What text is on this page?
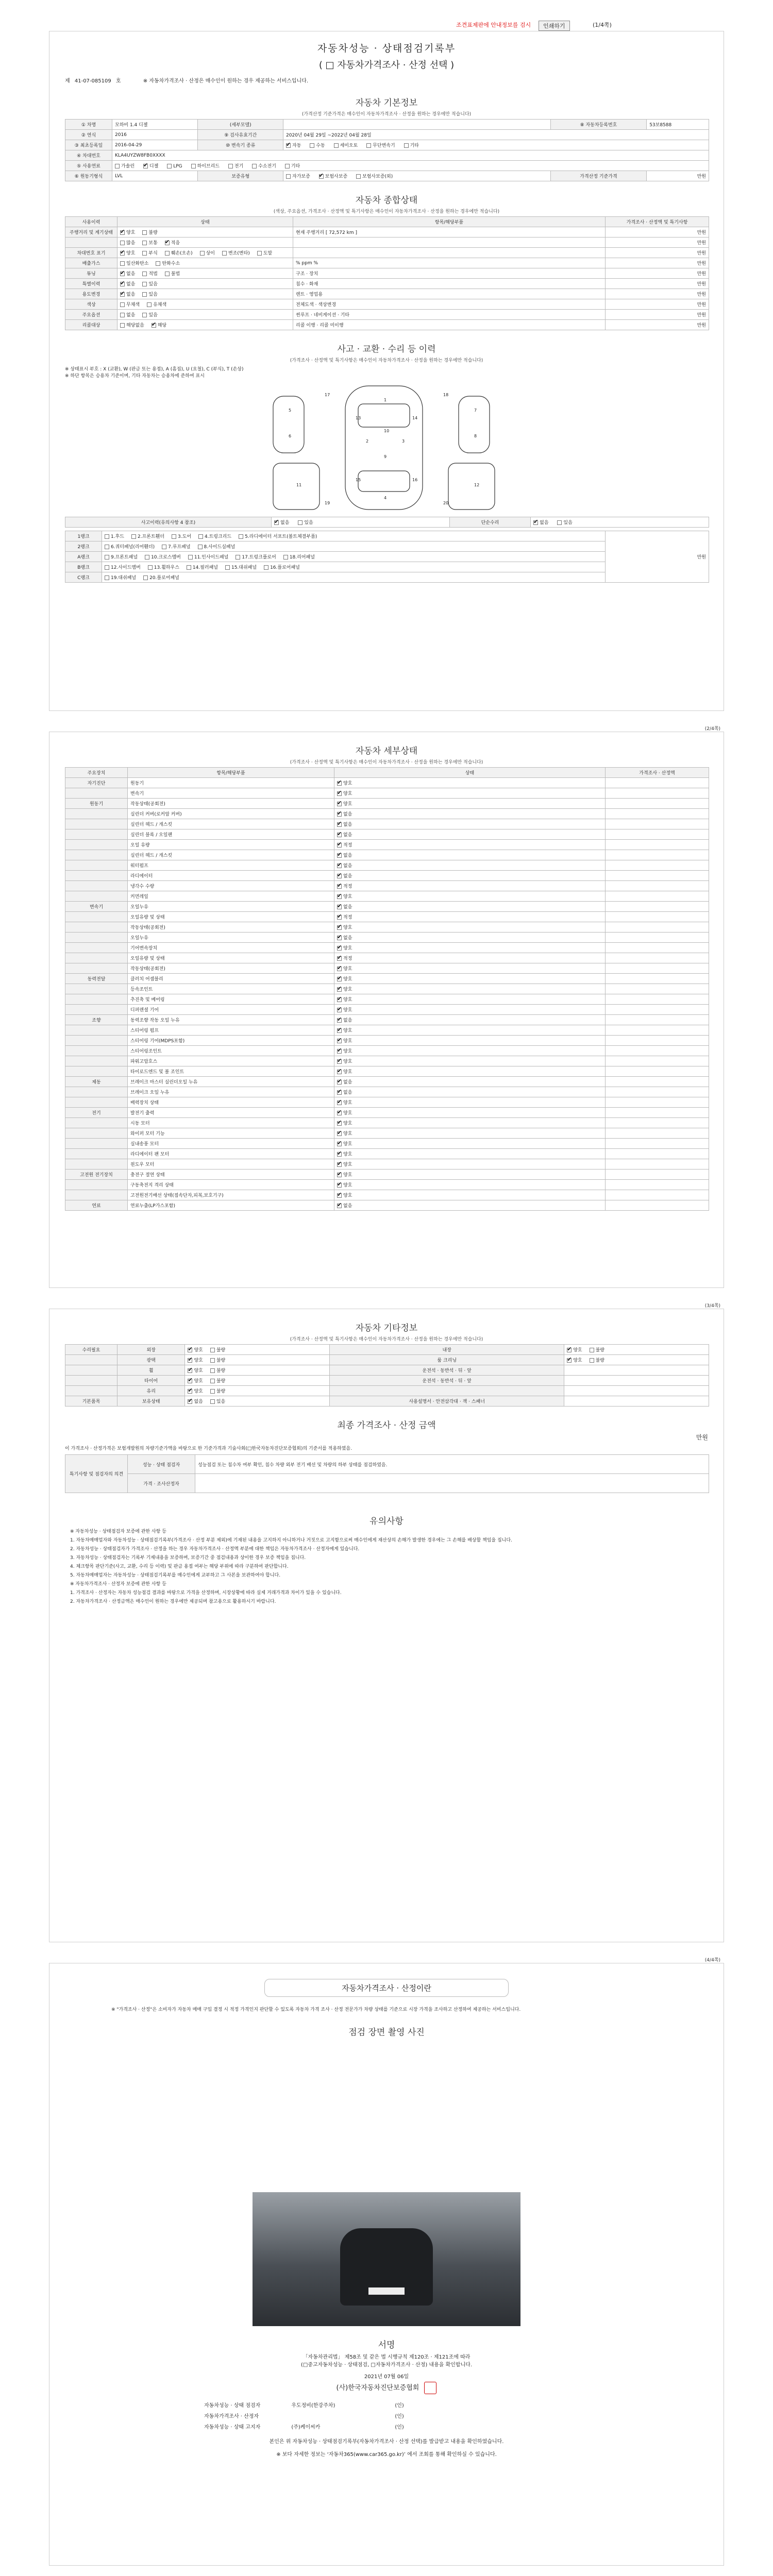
조견표제판에 안내정보를 검시	인쇄하기	(1/4쪽)
자동차성능 · 상태점검기록부
( □ 자동차가격조사 · 산정 선택 )
제 41-07-085109 호	※ 자동차가격조사 · 산정은 매수인이 원하는 경우 제공하는 서비스입니다.
자동차 기본정보
(가격산정 기준가격은 매수인이 자동차가격조사 · 산정을 원하는 경우에만 적습니다)
① 차명	모하비 1.4 디젤	(세부모델)		⑧ 자동차등록번호	53보8588
② 연식	2016	⑨ 검사유효기간	2020년 04월 29일 ~2022년 04월 28일		
③ 최초등록일	2016-04-29	⑩ 변속기 종류	✔자동 수동 세미오토 무단변속기 기타
④ 차대번호	KLA4UYZW8FB0XXXX				
⑤ 사용연료	가솔린 ✔ 디젤 LPG 하이브리드 전기 수소전기 기타
⑥ 원동기형식	LVL	보증유형	자가보증 ✔ 보험사보증 보험사보증(외)	가격산정 기준가격	만원
자동차 종합상태
(색상, 주요옵션, 가격조사 · 산정액 및 특기사항은 매수인이 자동차가격조사 · 산정을 원하는 경우에만 적습니다)
사용이력	상태	항목/해당부품	가격조사 · 산정액 및 특기사항
주행거리 및 계기상태	✔양호 불량	현재 주행거리 [ 72,572 km ]	만원
	많음 보통 ✔ 적음		만원
차대번호 표기	✔양호 부식 훼손(오손) 상이 변조(변타) 도말		만원
배출가스	일산화탄소 탄화수소	% ppm %	만원
튜닝	✔없음 적법 불법	구조 · 장치	만원
특별이력	✔없음 있음	침수 · 화재	만원
용도변경	✔없음 있음	렌트 · 영업용	만원
색상	무채색 유채색	전체도색 · 색상변경	만원
주요옵션	없음 있음	썬루프 · 네비게이션 · 기타	만원
리콜대상	해당없음 ✔ 해당	리콜 이행 · 리콜 미이행	만원
사고 · 교환 · 수리 등 이력
(가격조사 · 산정액 및 특기사항은 매수인이 자동차가격조사 · 산정을 원하는 경우에만 적습니다)
※ 상태표시 부호 : X (교환), W (판금 또는 용접), A (흠집), U (요철), C (부식), T (손상)
※ 하단 항목은 승용차 기준이며, 기타 자동차는 승용차에 준하여 표시
1
2	3
4
5
6
7
8
9
10
11	12
13	14
15	16
17	18
19	20
사고이력(유의사항 4 참조)	✔없음	있음	단순수리	✔없음	있음
1랭크	1.후드 2.프론트휀더 3.도어 4.트렁크리드 5.라디에이터 서포트(볼트체결부품)	만원
2랭크	6.쿼터패널(리어휀더) 7.루프패널 8.사이드실패널	
A랭크	9.프론트패널 10.크로스멤버 11.인사이드패널 17.트렁크플로어 18.리어패널	
B랭크	12.사이드멤버 13.휠하우스 14.필러패널 15.대쉬패널 16.플로어패널	
C랭크	19.대쉬패널 20.플로어패널	
(2/4쪽)
자동차 세부상태
(가격조사 · 산정액 및 특기사항은 매수인이 자동차가격조사 · 산정을 원하는 경우에만 적습니다)
주요장치	항목/해당부품	상태	가격조사 · 산정액
자기진단	원동기	✔양호	
	변속기	✔양호	
원동기	작동상태(공회전)	✔양호	
	실린더 커버(로커암 커버)	✔없음	
	실린더 헤드 / 개스킷	✔없음	
	실린더 블록 / 오일팬	✔없음	
	오일 유량	✔적정	
	실린더 헤드 / 개스킷	✔없음	
	워터펌프	✔없음	
	라디에이터	✔없음	
	냉각수 수량	✔적정	
	커먼레일	✔양호	
변속기	오일누유	✔없음	
	오일유량 및 상태	✔적정	
	작동상태(공회전)	✔양호	
	오일누유	✔없음	
	기어변속장치	✔양호	
	오일유량 및 상태	✔적정	
	작동상태(공회전)	✔양호	
동력전달	클러치 어셈블리	✔양호	
	등속조인트	✔양호	
	추진축 및 베어링	✔양호	
	디퍼렌셜 기어	✔양호	
조향	동력조향 작동 오일 누유	✔없음	
	스티어링 펌프	✔양호	
	스티어링 기어(MDPS포함)	✔양호	
	스티어링조인트	✔양호	
	파워고압호스	✔양호	
	타이로드엔드 및 볼 조인트	✔양호	
제동	브레이크 마스터 실린더오일 누유	✔없음	
	브레이크 오일 누유	✔없음	
	배력장치 상태	✔양호	
전기	발전기 출력	✔양호	
	시동 모터	✔양호	
	와이퍼 모터 기능	✔양호	
	실내송풍 모터	✔양호	
	라디에이터 팬 모터	✔양호	
	윈도우 모터	✔양호	
고전원 전기장치	충전구 절연 상태	✔양호	
	구동축전지 격리 상태	✔양호	
	고전원전기배선 상태(접속단자,피복,보호기구)	✔양호	
연료	연료누출(LP가스포함)	✔없음	
(3/4쪽)
자동차 기타정보
(가격조사 · 산정액 및 특기사항은 매수인이 자동차가격조사 · 산정을 원하는 경우에만 적습니다)
수리필요	외장	✔양호 불량	내장	✔양호 불량
	광택	✔양호 불량	룸 크리닝	✔양호 불량
	휠	✔양호 불량	운전석 · 동반석 · 뒤 · 앞	
	타이어	✔양호 불량	운전석 · 동반석 · 뒤 · 앞	
	유리	✔양호 불량		
기본품목	보유상태	✔없음 있음	사용설명서 · 안전삼각대 · 잭 · 스패너	
최종 가격조사 · 산정 금액
만원
이 가격조사 · 산정가격은 보험개발원의 차량기준가액을 바탕으로 한 기준가격과 기술사회(□한국자동차진단보증협회)의 기준서를 적용하였음.
특기사항 및 점검자의 의견	성능 · 상태 점검자	성능점검 또는 침수차 여부 확인, 침수 차량 외부 전기 배선 및 차량의 하부 상태를 점검하였음.
	가격 · 조사산정자	
유의사항
※ 자동차성능 · 상태점검자 보증에 관한 사항 등
1. 자동차매매업자와 자동차성능 · 상태점검기록부(가격조사 · 산정 부분 제외)에 기재된 내용을 고지하지 아니하거나 거짓으로 고지함으로써 매수인에게 재산상의 손해가 발생한 경우에는 그 손해를 배상할 책임을 집니다.
2. 자동차성능 · 상태점검자가 가격조사 · 산정을 하는 경우 자동차가격조사 · 산정액 부분에 대한 책임은 자동차가격조사 · 산정자에게 있습니다.
3. 자동차성능 · 상태점검자는 기록부 기재내용을 보증하며, 보증기간 중 점검내용과 상이한 경우 보증 책임을 집니다.
4. 체크항목 판단기준(사고, 교환, 수리 등 이력) 및 판금 용접 여부는 해당 부위에 따라 구분하여 판단합니다.
5. 자동차매매업자는 자동차성능 · 상태점검기록부를 매수인에게 교부하고 그 사본을 보관하여야 합니다.
※ 자동차가격조사 · 산정자 보증에 관한 사항 등
1. 가격조사 · 산정자는 자동차 성능점검 결과를 바탕으로 가격을 산정하며, 시장상황에 따라 실제 거래가격과 차이가 있을 수 있습니다.
2. 자동차가격조사 · 산정금액은 매수인이 원하는 경우에만 제공되며 참고용으로 활용하시기 바랍니다.
(4/4쪽)
자동차가격조사 · 산정이란
※ "가격조사 · 산정"은 소비자가 자동차 매매 구입 결정 시 적정 가격인지 판단할 수 있도록 자동차 가격 조사 · 산정 전문가가 차량 상태를 기준으로 시장 가격을 조사하고 산정하여 제공하는 서비스입니다.
점검 장면 촬영 사진
서명
「자동차관리법」 제58조 및 같은 법 시행규칙 제120조 · 제121조에 따라
(□중고자동차성능 · 상태점검, □자동차가격조사 · 산정) 내용을 확인합니다.
2021년 07월 06일
(사)한국자동차진단보증협회
자동차성능 · 상태 점검자	우도정비(한강주차)	(인)
자동차가격조사 · 산정자		(인)
자동차성능 · 상태 고지자	(주)케이씨카	(인)
본인은 위 자동차성능 · 상태점검기록부(자동차가격조사 · 산정 선택)를 발급받고 내용을 확인하였습니다.
※ 보다 자세한 정보는 ‘자동차365(www.car365.go.kr)’ 에서 조회를 통해 확인하실 수 있습니다.
